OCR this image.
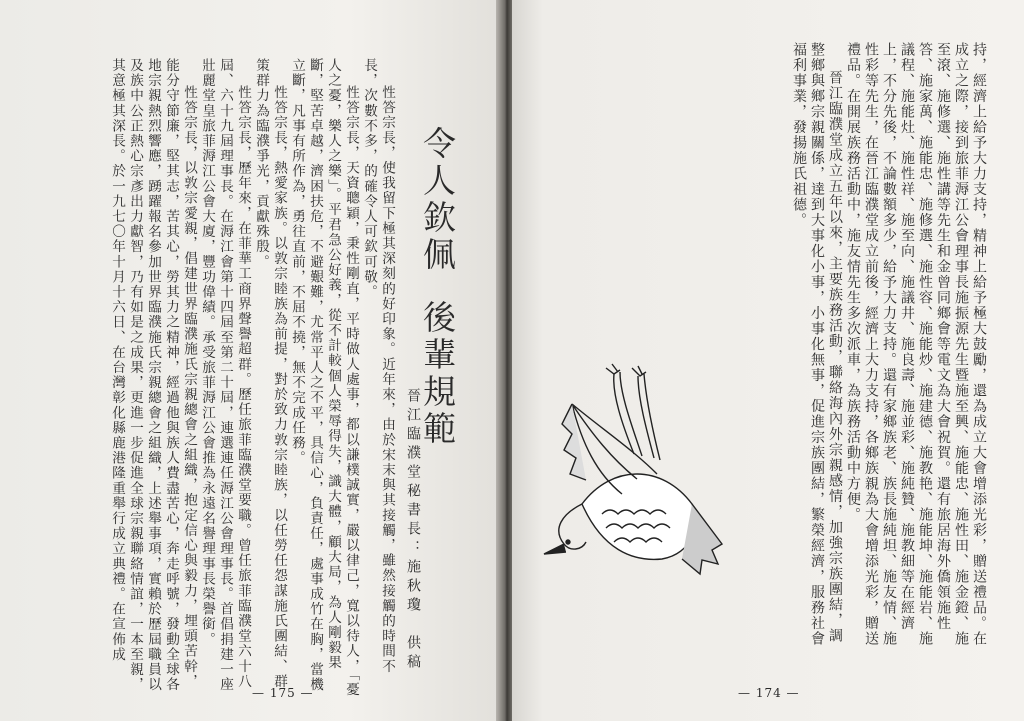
性答宗長，使我留下極其深刻的好印象。近年來，由於宋末與其接觸，雖然接觸的時間不長，次數不多，的確令人可欽可敬。

性答宗長，天資聰穎，秉性剛直，平時做人處事，都以謙樸誠實，嚴以律己，寬以待人，「憂人之憂，樂人之樂」。平君急公好義，從不計較個人榮辱得失，識大體，顧大局，為人剛毅果斷，堅苦卓越，濟困扶危，不避艱難，尤常平人之不平，具信心，負責任，處事成竹在胸，當機立斷，凡事有所作為，勇往直前，不屈不撓，無不完成任務。

性答宗長，熱愛家族。以敦宗睦族為前提，對於致力敦宗睦族，以任勞任怨謀施氏團結、群策群力為臨濮爭光，貢獻殊殷。

性答宗長，歷年來，在菲華工商界聲譽超群。歷任旅菲臨濮堂要職。曾任旅菲臨濮堂六十八屆、六十九屆理事長。在溽江會第十四屆至第二十屆，連選連任溽江公會理事長。首倡捐建一座壯麗堂皇旅菲溽江公會大廈，豐功偉績。承受旅菲溽江公會推為永遠名譽理事長榮譽銜。

性答宗長，以敦宗愛親，倡建世界臨濮施氏宗親總會之組織，抱定信心與毅力，埋頭苦幹，能分守節廉，堅其志，苦其心，勞其力之精神，經過他與族人費盡苦心，奔走呼號，發動全球各地宗親熱烈響應，踴躍報名參加世界臨濮施氏宗親總會之組織，上述舉事項，實賴於歷屆職員以及族中公正熱心宗彥出力獻智，乃有如是之成果，更進一步促進全球宗親聯絡情誼，一本至親，其意極其深長。於一九七〇年十月十六日、在台灣彰化縣鹿港隆重舉行成立典禮。在宣佈成	令人欽佩後輩規範
晉江臨濮堂秘書長：施秋瓊　供稿
— 175 —

持，經濟上給予大力支持，精神上給予極大鼓勵，還為成立大會增添光彩，贈送禮品。在成立之際，接到旅菲溽江公會理事長施振源先生暨施至興、施能忠、施性田、施金鐙、施至滾、施修選、施性講等先生和金曾同鄉會等電文為大會祝賀。還有旅居海外僑領施性答、施家萬、施能忠、施修選、施性容、施能炒、施建德、施教艳、施能坤、施能岩、施議程、施能灶、施性祥、施至向、施議井、施良壽、施並彩、施純贊、施教細等在經濟上，不分先後，不論數額多少，給予大力支持。還有家鄉族老、族長施純坦、施友情、施性彩等先生，在晉江臨濮堂成立前後，經濟上大力支持，各鄉族親為大會增添光彩，贈送禮品。在開展族務活動中，施友情先生多次派車，為族務活動中方便。

晉江臨濮堂成立五年以來，主要族務活動，聯絡海內外宗親感情，加強宗族團結，調整鄉與鄉宗親關係，達到大事化小事，小事化無事，促進宗族團結，繁榮經濟，服務社會福利事業，發揚施氏祖德。

— 174 —
